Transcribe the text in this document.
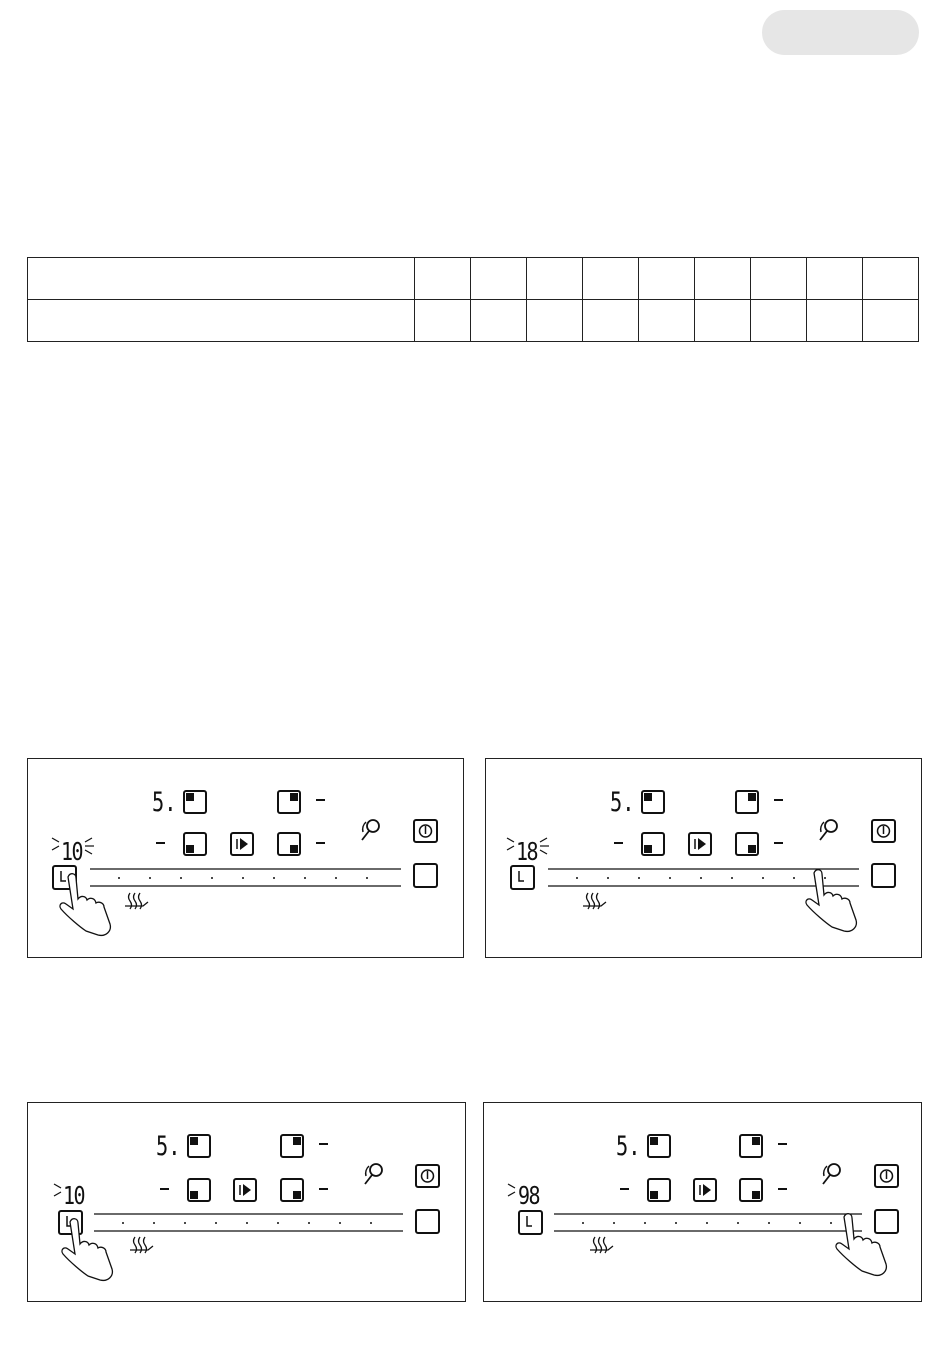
5.
10
5.
18
5.
10
5.
98
